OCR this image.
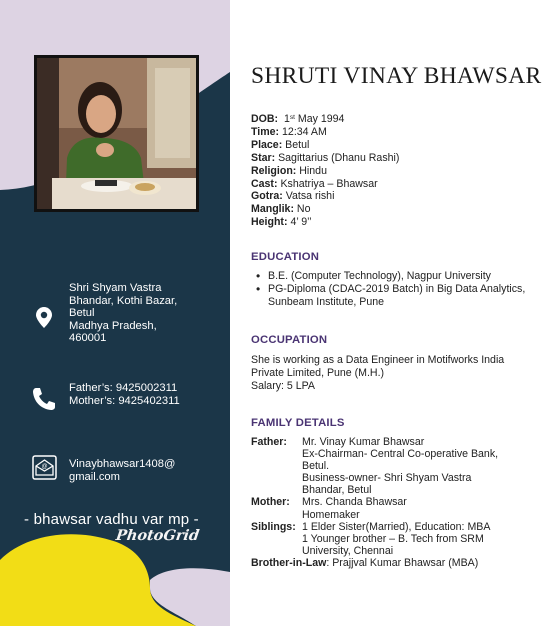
Shri Shyam Vastra
Bhandar, Kothi Bazar,
Betul
Madhya Pradesh,
460001
Father’s: 9425002311
Mother’s: 9425402311
@ Vinaybhawsar1408@
gmail.com
- bhawsar vadhu var mp -
PhotoGrid
SHRUTI VINAY BHAWSAR
DOB: 1st May 1994
Time: 12:34 AM
Place: Betul
Star: Sagittarius (Dhanu Rashi)
Religion: Hindu
Cast: Kshatriya – Bhawsar
Gotra: Vatsa rishi
Manglik: No
Height: 4’ 9’’
EDUCATION
• B.E. (Computer Technology), Nagpur University
• PG-Diploma (CDAC-2019 Batch) in Big Data Analytics, Sunbeam Institute, Pune
OCCUPATION
She is working as a Data Engineer in Motifworks India
Private Limited, Pune (M.H.)
Salary: 5 LPA
FAMILY DETAILS
Father:	Mr. Vinay Kumar Bhawsar
Ex-Chairman- Central Co-operative Bank,
Betul.
Business-owner- Shri Shyam Vastra
Bhandar, Betul
Mother:	Mrs. Chanda Bhawsar
Homemaker
Siblings: 1 Elder Sister(Married), Education: MBA
1 Younger brother – B. Tech from SRM
University, Chennai
Brother-in-Law : Prajjval Kumar Bhawsar (MBA)
